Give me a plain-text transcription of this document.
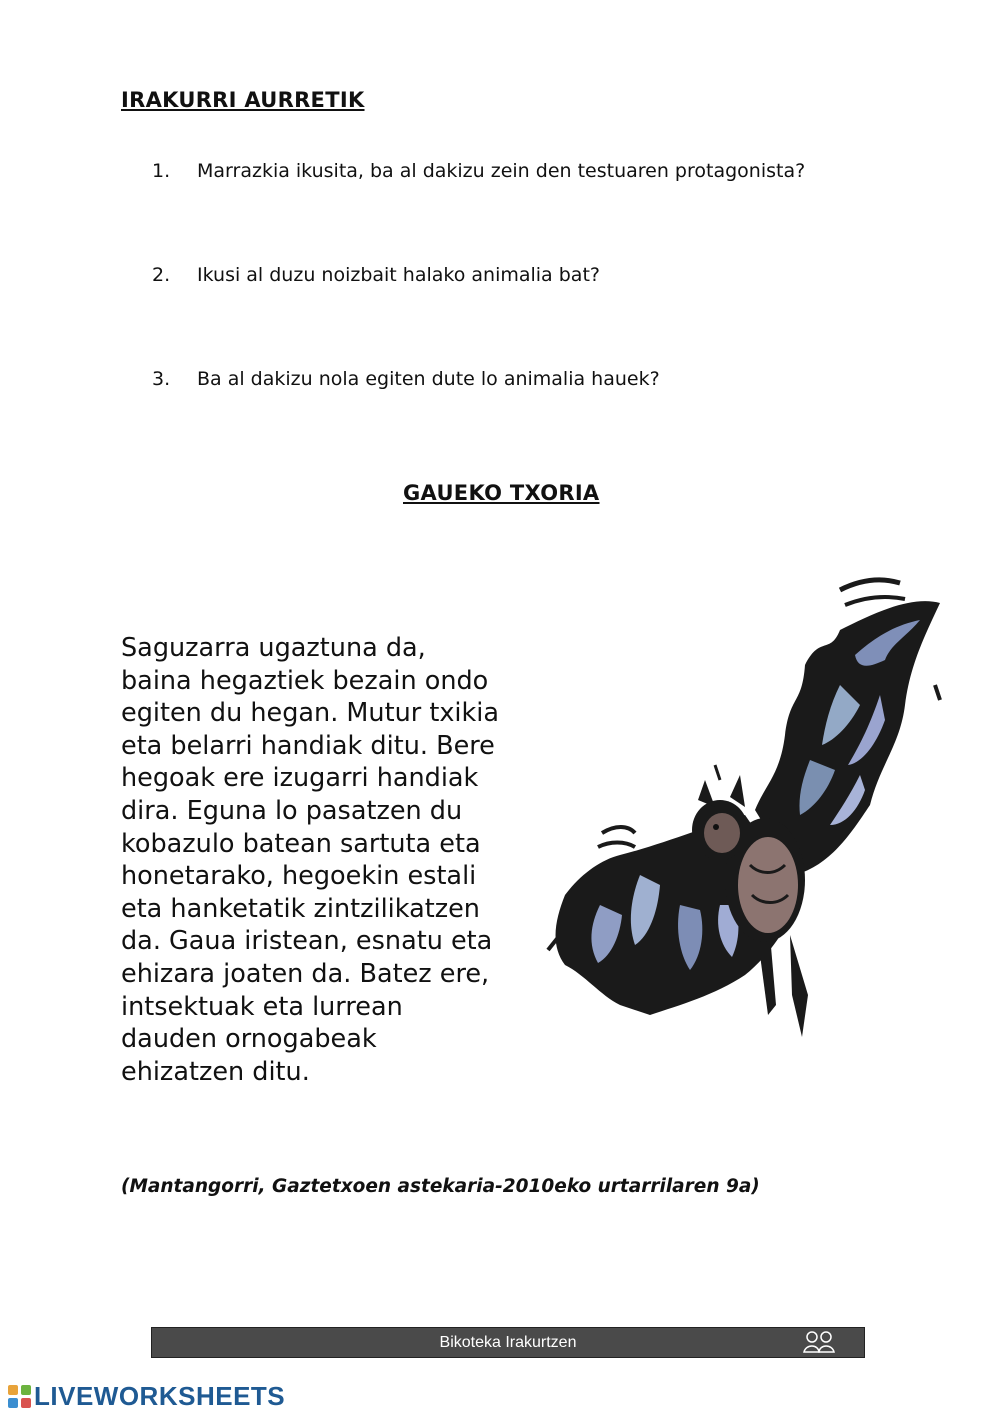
IRAKURRI AURRETIK
1.	Marrazkia ikusita, ba al dakizu zein den testuaren protagonista?
2.	Ikusi al duzu noizbait halako animalia bat?
3.	Ba al dakizu nola egiten dute lo animalia hauek?
GAUEKO TXORIA
Saguzarra ugaztuna da,
baina hegaztiek bezain ondo
egiten du hegan. Mutur txikia
eta belarri handiak ditu. Bere
hegoak ere izugarri handiak
dira. Eguna lo pasatzen du
kobazulo batean sartuta eta
honetarako, hegoekin estali
eta hanketatik zintzilikatzen
da. Gaua iristean, esnatu eta
ehizara joaten da. Batez ere,
intsektuak eta lurrean
dauden ornogabeak
ehizatzen ditu.
(Mantangorri, Gaztetxoen astekaria-2010eko urtarrilaren 9a)
Bikoteka Irakurtzen
LIVEWORKSHEETS
